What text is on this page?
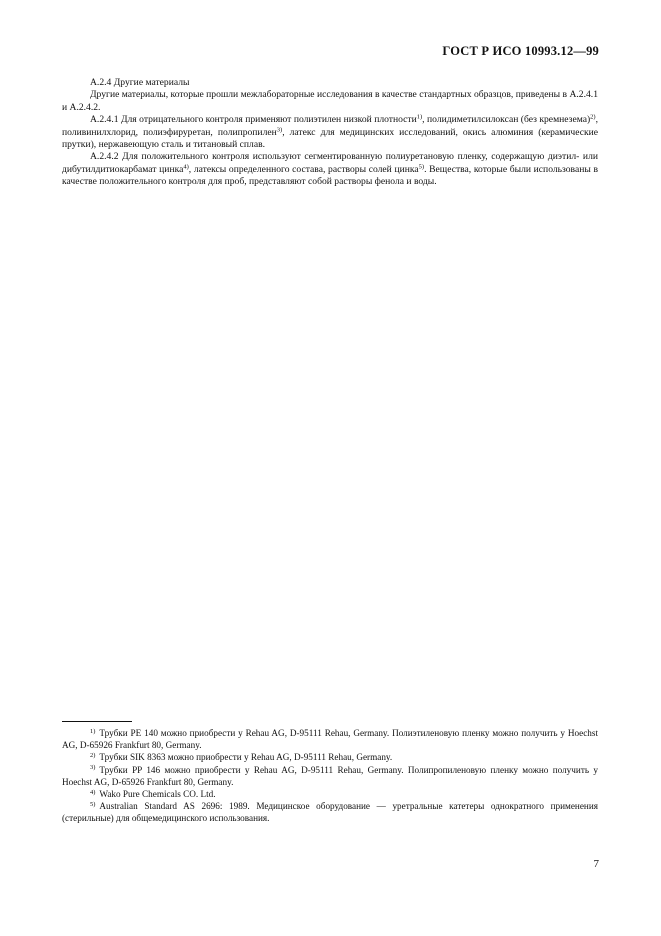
ГОСТ Р ИСО 10993.12—99

A.2.4 Другие материалы

Другие материалы, которые прошли межлабораторные исследования в качестве стандартных образцов, приведены в А.2.4.1 и А.2.4.2.

А.2.4.1 Для отрицательного контроля применяют полиэтилен низкой плотности$^{1)}$, полидиметилсилоксан (без кремнезема)$^{2)}$, поливинилхлорид, полиэфируретан, полипропилен$^{3)}$, латекс для медицинских исследований, окись алюминия (керамические прутки), нержавеющую сталь и титановый сплав.

А.2.4.2 Для положительного контроля используют сегментированную полиуретановую пленку, содержащую диэтил- или дибутилдитиокарбамат цинка$^{4)}$, латексы определенного состава, растворы солей цинка$^{5)}$. Вещества, которые были использованы в качестве положительного контроля для проб, представляют собой растворы фенола и воды.

$^{1)}$ Трубки PE 140 можно приобрести у Rehau AG, D-95111 Rehau, Germany. Полиэтиленовую пленку можно получить у Hoechst AG, D-65926 Frankfurt 80, Germany.

$^{2)}$ Трубки SIK 8363 можно приобрести у Rehau AG, D-95111 Rehau, Germany.

$^{3)}$ Трубки PP 146 можно приобрести у Rehau AG, D-95111 Rehau, Germany. Полипропиленовую пленку можно получить у Hoechst AG, D-65926 Frankfurt 80, Germany.

$^{4)}$ Wako Pure Chemicals CO. Ltd.

$^{5)}$ Australian Standard AS 2696: 1989. Медицинское оборудование — уретральные катетеры однократного применения (стерильные) для общемедицинского использования.

7
